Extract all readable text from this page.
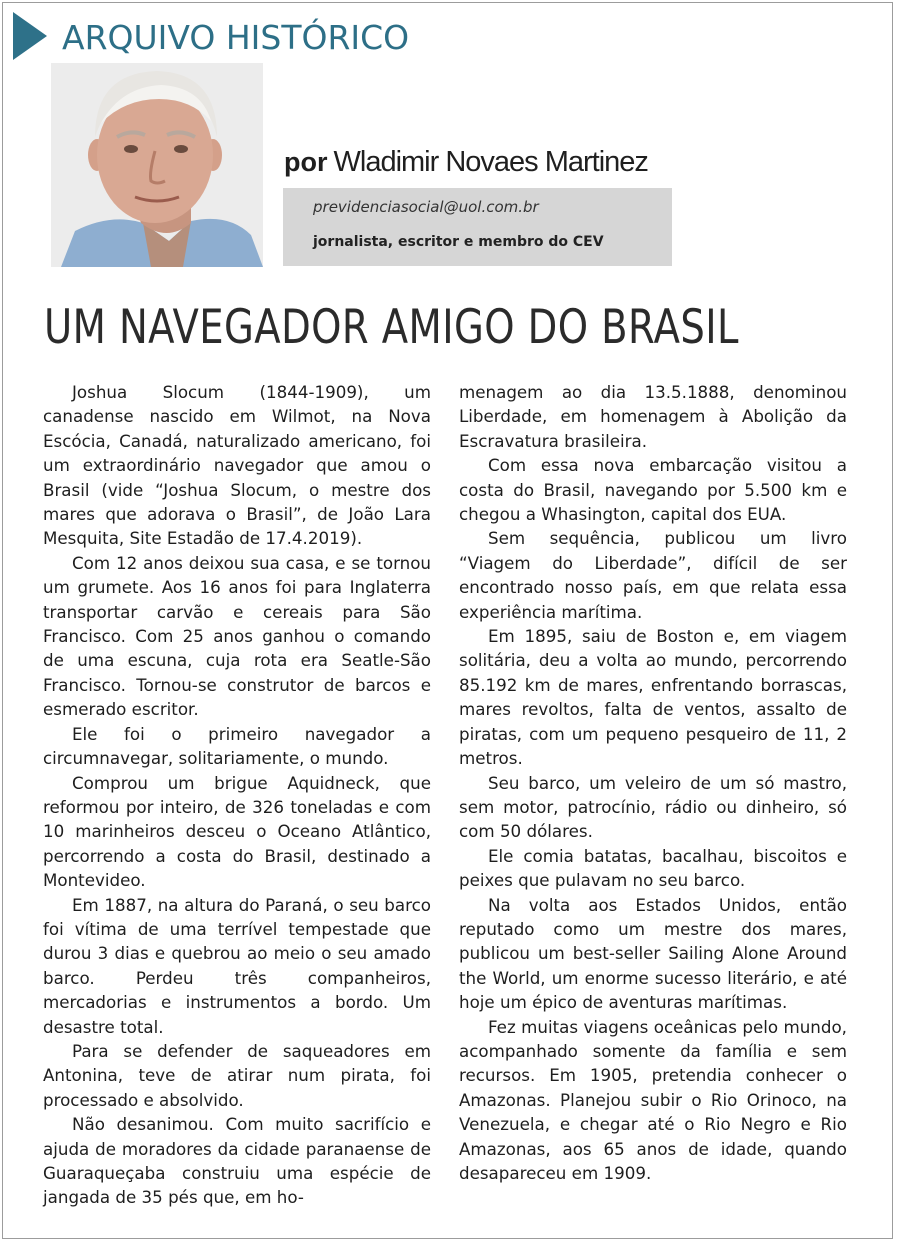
ARQUIVO HISTÓRICO
por Wladimir Novaes Martinez
previdenciasocial@uol.com.br
jornalista, escritor e membro do CEV
UM NAVEGADOR AMIGO DO BRASIL

Joshua Slocum (1844-1909), um canadense nascido em Wilmot, na Nova Escócia, Canadá, naturalizado americano, foi um extraordinário navegador que amou o Brasil (vide “Joshua Slocum, o mestre dos mares que adorava o Brasil”, de João Lara Mesquita, Site Estadão de 17.4.2019).

Com 12 anos deixou sua casa, e se tornou um grumete. Aos 16 anos foi para Inglaterra transportar carvão e cereais para São Francisco. Com 25 anos ganhou o comando de uma escuna, cuja rota era Seatle-São Francisco. Tornou-se construtor de barcos e esmerado escritor.

Ele foi o primeiro navegador a circumnavegar, solitariamente, o mundo.

Comprou um brigue Aquidneck, que reformou por inteiro, de 326 toneladas e com 10 marinheiros desceu o Oceano Atlântico, percorrendo a costa do Brasil, destinado a Montevideo.

Em 1887, na altura do Paraná, o seu barco foi vítima de uma terrível tempestade que durou 3 dias e quebrou ao meio o seu amado barco. Perdeu três companheiros, mercadorias e instrumentos a bordo. Um desastre total.

Para se defender de saqueadores em Antonina, teve de atirar num pirata, foi processado e absolvido.

Não desanimou. Com muito sacrifício e ajuda de moradores da cidade paranaense de Guaraqueçaba construiu uma espécie de jangada de 35 pés que, em ho-

menagem ao dia 13.5.1888, denominou Liberdade, em homenagem à Abolição da Escravatura brasileira.

Com essa nova embarcação visitou a costa do Brasil, navegando por 5.500 km e chegou a Whasington, capital dos EUA.

Sem sequência, publicou um livro “Viagem do Liberdade”, difícil de ser encontrado nosso país, em que relata essa experiência marítima.

Em 1895, saiu de Boston e, em viagem solitária, deu a volta ao mundo, percorrendo 85.192 km de mares, enfrentando borrascas, mares revoltos, falta de ventos, assalto de piratas, com um pequeno pesqueiro de 11, 2 metros.

Seu barco, um veleiro de um só mastro, sem motor, patrocínio, rádio ou dinheiro, só com 50 dólares.

Ele comia batatas, bacalhau, biscoitos e peixes que pulavam no seu barco.

Na volta aos Estados Unidos, então reputado como um mestre dos mares, publicou um best-seller Sailing Alone Around the World, um enorme sucesso literário, e até hoje um épico de aventuras marítimas.

Fez muitas viagens oceânicas pelo mundo, acompanhado somente da família e sem recursos. Em 1905, pretendia conhecer o Amazonas. Planejou subir o Rio Orinoco, na Venezuela, e chegar até o Rio Negro e Rio Amazonas, aos 65 anos de idade, quando desapareceu em 1909.
